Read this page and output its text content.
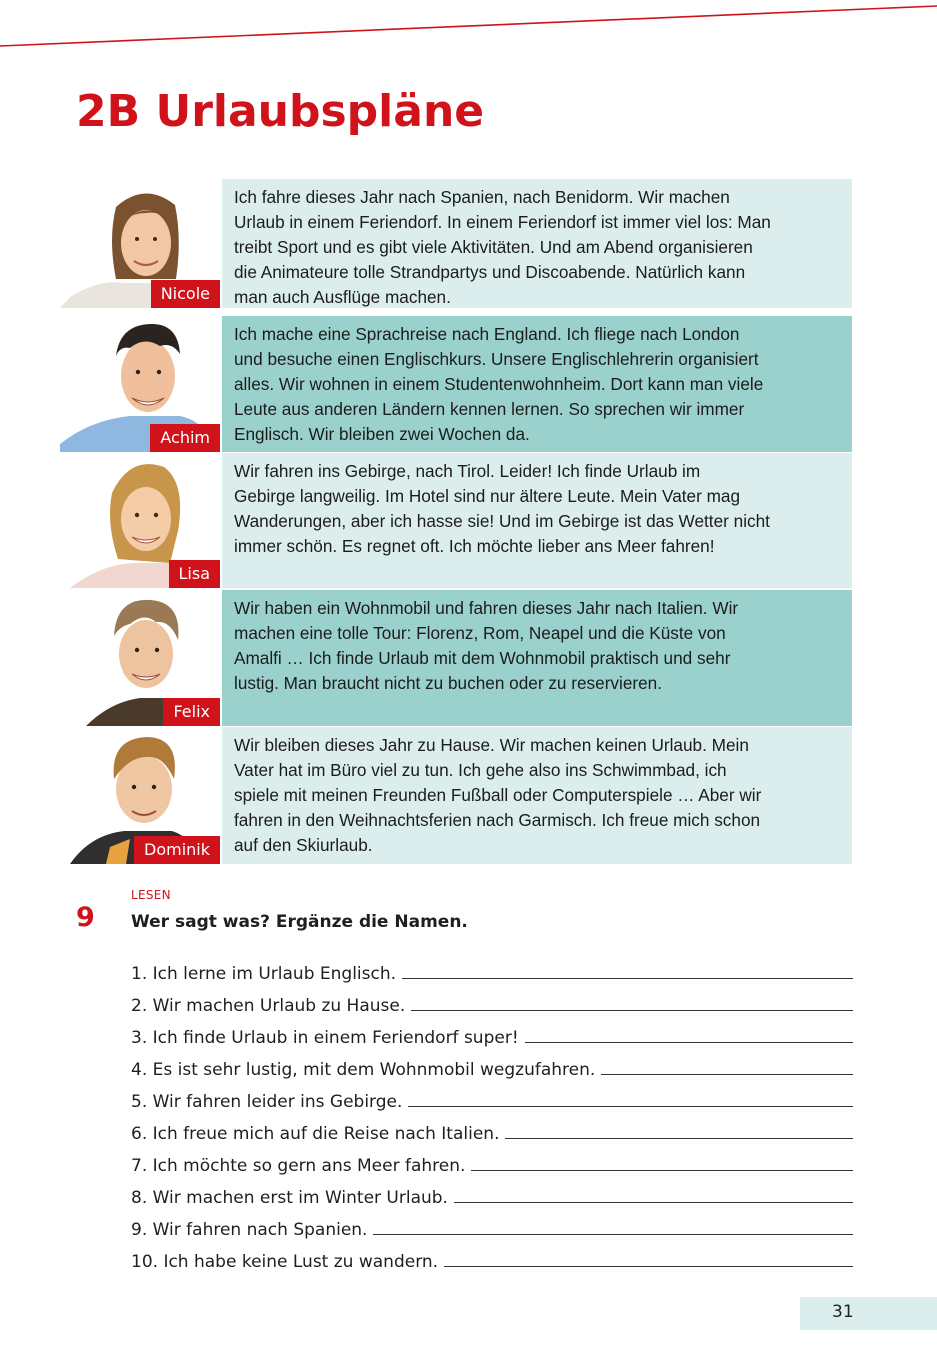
2B Urlaubspläne
Nicole
Ich fahre dieses Jahr nach Spanien, nach Benidorm. Wir machen
Urlaub in einem Feriendorf. In einem Feriendorf ist immer viel los: Man
treibt Sport und es gibt viele Aktivitäten. Und am Abend organisieren
die Animateure tolle Strandpartys und Discoabende. Natürlich kann
man auch Ausflüge machen.
Achim
Ich mache eine Sprachreise nach England. Ich fliege nach London
und besuche einen Englischkurs. Unsere Englischlehrerin organisiert
alles. Wir wohnen in einem Studentenwohnheim. Dort kann man viele
Leute aus anderen Ländern kennen lernen. So sprechen wir immer
Englisch. Wir bleiben zwei Wochen da.
Lisa
Wir fahren ins Gebirge, nach Tirol. Leider! Ich finde Urlaub im
Gebirge langweilig. Im Hotel sind nur ältere Leute. Mein Vater mag
Wanderungen, aber ich hasse sie! Und im Gebirge ist das Wetter nicht
immer schön. Es regnet oft. Ich möchte lieber ans Meer fahren!
Felix
Wir haben ein Wohnmobil und fahren dieses Jahr nach Italien. Wir
machen eine tolle Tour: Florenz, Rom, Neapel und die Küste von
Amalfi … Ich finde Urlaub mit dem Wohnmobil praktisch und sehr
lustig. Man braucht nicht zu buchen oder zu reservieren.
Dominik
Wir bleiben dieses Jahr zu Hause. Wir machen keinen Urlaub. Mein
Vater hat im Büro viel zu tun. Ich gehe also ins Schwimmbad, ich
spiele mit meinen Freunden Fußball oder Computerspiele … Aber wir
fahren in den Weihnachtsferien nach Garmisch. Ich freue mich schon
auf den Skiurlaub.
LESEN
9 Wer sagt was? Ergänze die Namen.
1. Ich lerne im Urlaub Englisch.
2. Wir machen Urlaub zu Hause.
3. Ich finde Urlaub in einem Feriendorf super!
4. Es ist sehr lustig, mit dem Wohnmobil wegzufahren.
5. Wir fahren leider ins Gebirge.
6. Ich freue mich auf die Reise nach Italien.
7. Ich möchte so gern ans Meer fahren.
8. Wir machen erst im Winter Urlaub.
9. Wir fahren nach Spanien.
10. Ich habe keine Lust zu wandern.
31
